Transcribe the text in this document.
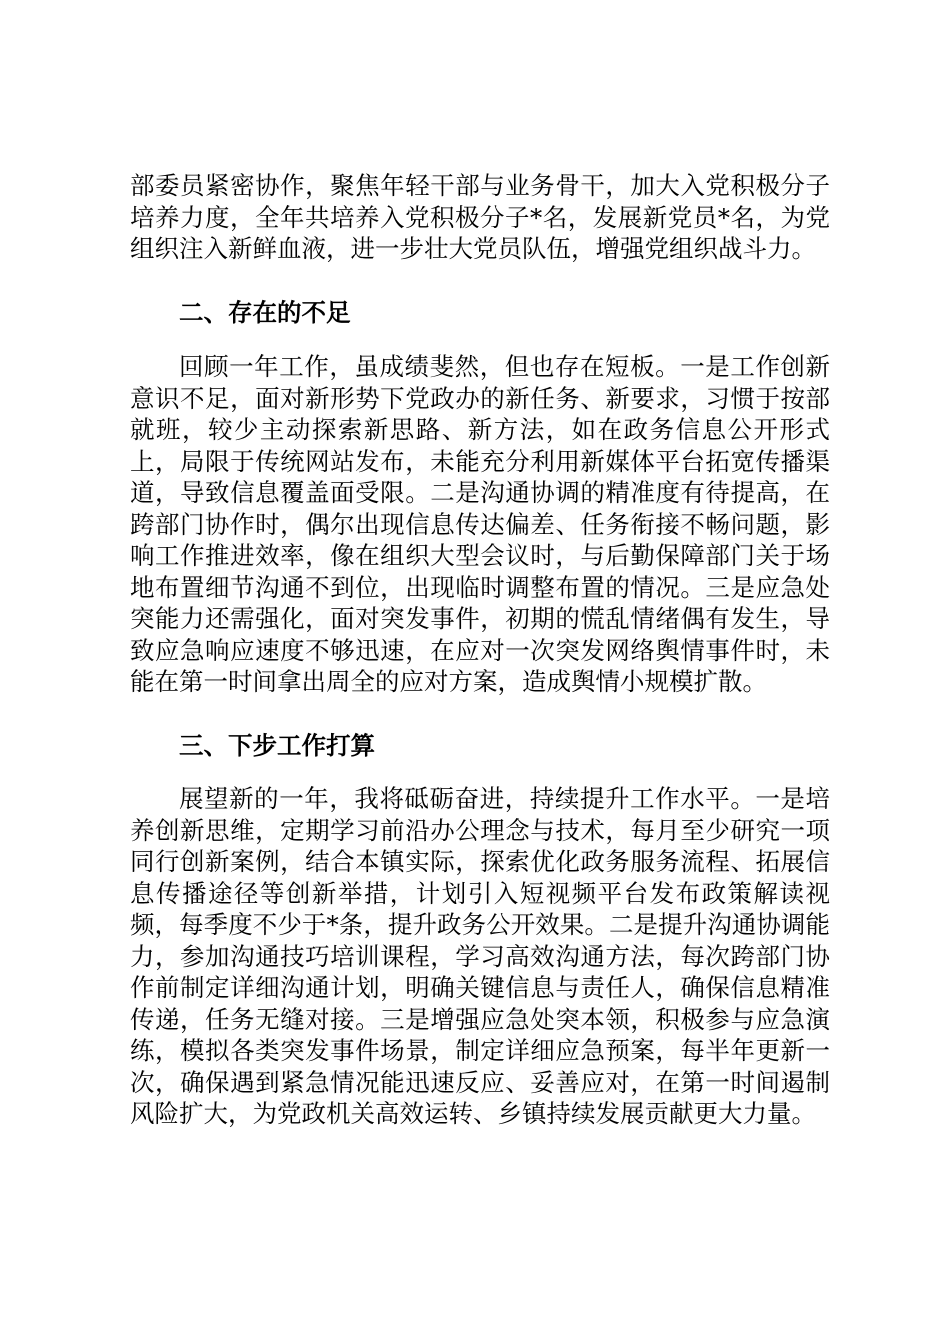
部委员紧密协作，聚焦年轻干部与业务骨干，加大入党积极分子培养力度，全年共培养入党积极分子*名，发展新党员*名，为党组织注入新鲜血液，进一步壮大党员队伍，增强党组织战斗力。

二、存在的不足

回顾一年工作，虽成绩斐然，但也存在短板。一是工作创新意识不足，面对新形势下党政办的新任务、新要求，习惯于按部就班，较少主动探索新思路、新方法，如在政务信息公开形式上，局限于传统网站发布，未能充分利用新媒体平台拓宽传播渠道，导致信息覆盖面受限。二是沟通协调的精准度有待提高，在跨部门协作时，偶尔出现信息传达偏差、任务衔接不畅问题，影响工作推进效率，像在组织大型会议时，与后勤保障部门关于场地布置细节沟通不到位，出现临时调整布置的情况。三是应急处突能力还需强化，面对突发事件，初期的慌乱情绪偶有发生，导致应急响应速度不够迅速，在应对一次突发网络舆情事件时，未能在第一时间拿出周全的应对方案，造成舆情小规模扩散。

三、下步工作打算

展望新的一年，我将砥砺奋进，持续提升工作水平。一是培养创新思维，定期学习前沿办公理念与技术，每月至少研究一项同行创新案例，结合本镇实际，探索优化政务服务流程、拓展信息传播途径等创新举措，计划引入短视频平台发布政策解读视频，每季度不少于*条，提升政务公开效果。二是提升沟通协调能力，参加沟通技巧培训课程，学习高效沟通方法，每次跨部门协作前制定详细沟通计划，明确关键信息与责任人，确保信息精准传递，任务无缝对接。三是增强应急处突本领，积极参与应急演练，模拟各类突发事件场景，制定详细应急预案，每半年更新一次，确保遇到紧急情况能迅速反应、妥善应对，在第一时间遏制风险扩大，为党政机关高效运转、乡镇持续发展贡献更大力量。
